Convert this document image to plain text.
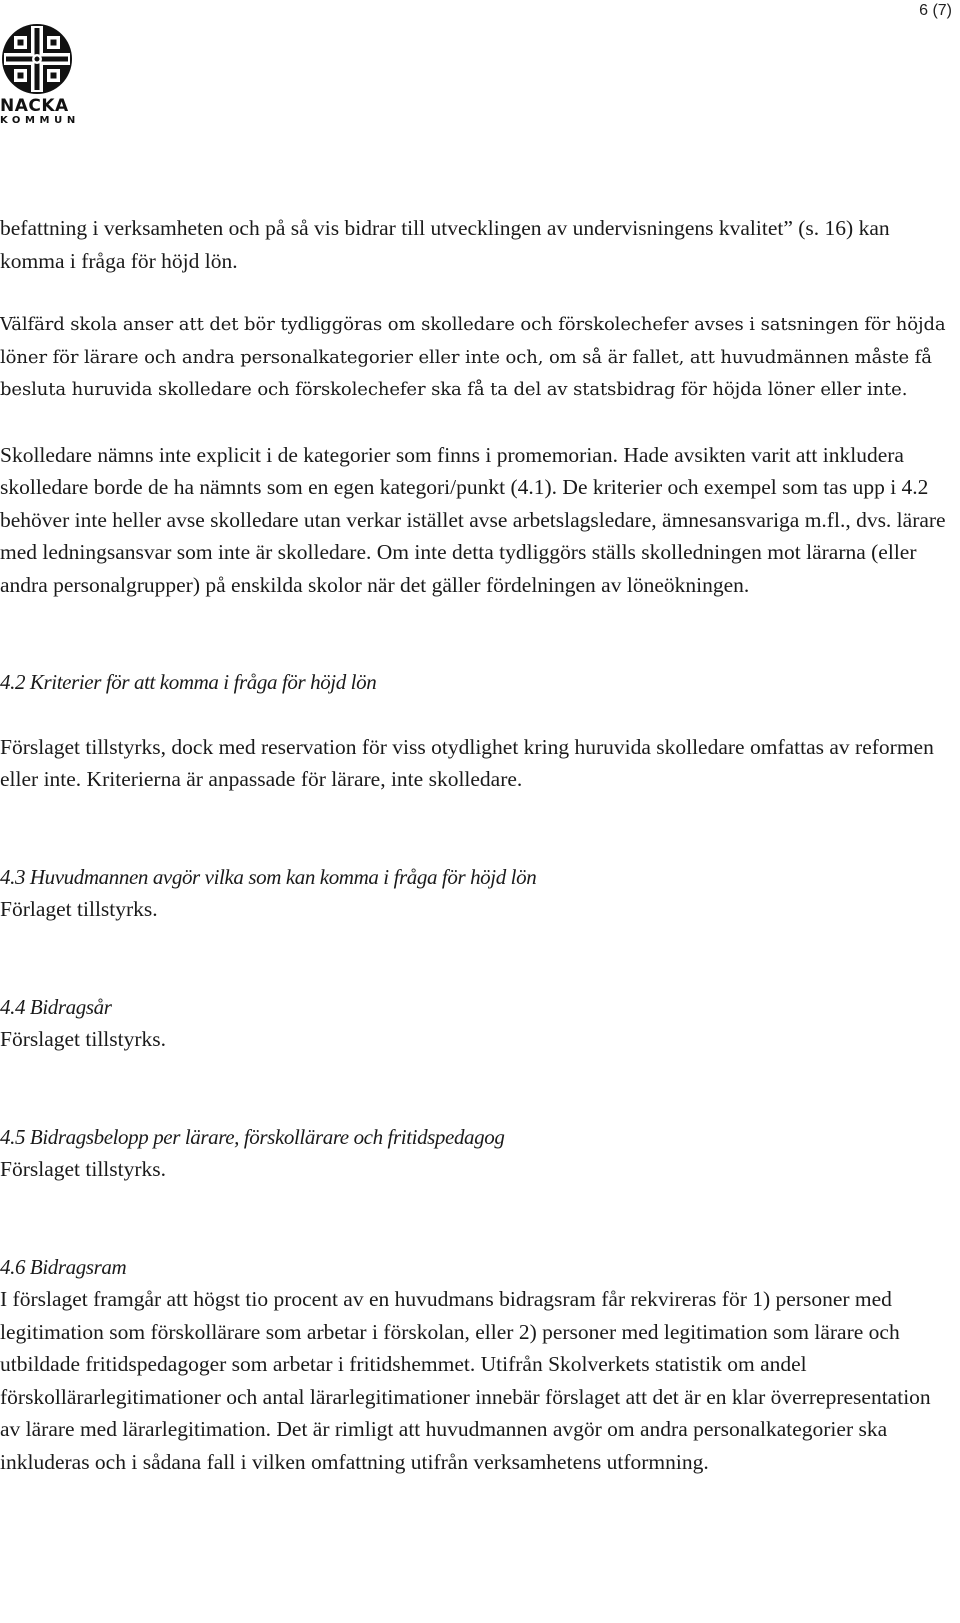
6 (7)
NACKA
KOMMUN

befattning i verksamheten och på så vis bidrar till utvecklingen av undervisningens kvalitet” (s. 16) kan komma i fråga för höjd lön.

Välfärd skola anser att det bör tydliggöras om skolledare och förskolechefer avses i satsningen för höjda löner för lärare och andra personalkategorier eller inte och, om så är fallet, att huvudmännen måste få besluta huruvida skolledare och förskolechefer ska få ta del av statsbidrag för höjda löner eller inte.

Skolledare nämns inte explicit i de kategorier som finns i promemorian. Hade avsikten varit att inkludera skolledare borde de ha nämnts som en egen kategori/punkt (4.1). De kriterier och exempel som tas upp i 4.2 behöver inte heller avse skolledare utan verkar istället avse arbetslagsledare, ämnesansvariga m.fl., dvs. lärare med ledningsansvar som inte är skolledare. Om inte detta tydliggörs ställs skolledningen mot lärarna (eller andra personalgrupper) på enskilda skolor när det gäller fördelningen av löneökningen.

4.2 Kriterier för att komma i fråga för höjd lön

Förslaget tillstyrks, dock med reservation för viss otydlighet kring huruvida skolledare omfattas av reformen eller inte. Kriterierna är anpassade för lärare, inte skolledare.

4.3 Huvudmannen avgör vilka som kan komma i fråga för höjd lön

Förlaget tillstyrks.

4.4 Bidragsår

Förslaget tillstyrks.

4.5 Bidragsbelopp per lärare, förskollärare och fritidspedagog

Förslaget tillstyrks.

4.6 Bidragsram

I förslaget framgår att högst tio procent av en huvudmans bidragsram får rekvireras för 1) personer med legitimation som förskollärare som arbetar i förskolan, eller 2) personer med legitimation som lärare och utbildade fritidspedagoger som arbetar i fritidshemmet. Utifrån Skolverkets statistik om andel förskollärarlegitimationer och antal lärarlegitimationer innebär förslaget att det är en klar överrepresentation av lärare med lärarlegitimation. Det är rimligt att huvudmannen avgör om andra personalkategorier ska inkluderas och i sådana fall i vilken omfattning utifrån verksamhetens utformning.
